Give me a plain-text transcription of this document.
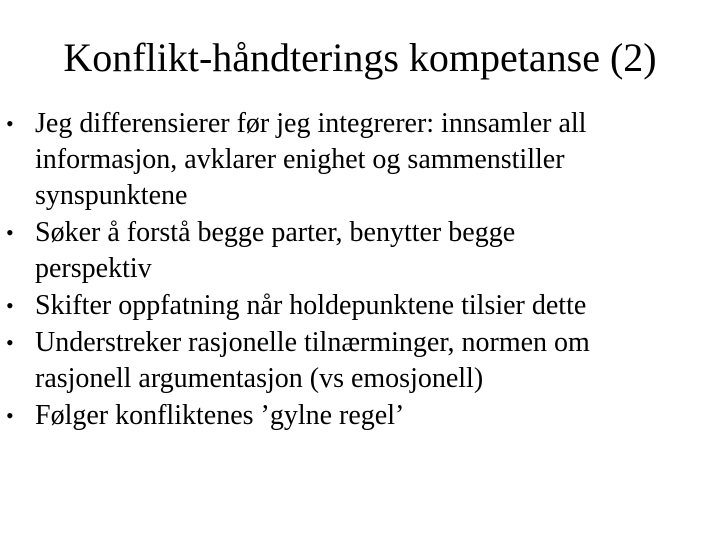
Konflikt-håndterings kompetanse (2)
• Jeg differensierer før jeg integrerer: innsamler all
informasjon, avklarer enighet og sammenstiller
synspunktene
• Søker å forstå begge parter, benytter begge
perspektiv
• Skifter oppfatning når holdepunktene tilsier dette
• Understreker rasjonelle tilnærminger, normen om
rasjonell argumentasjon (vs emosjonell)
• Følger konfliktenes ’gylne regel’
